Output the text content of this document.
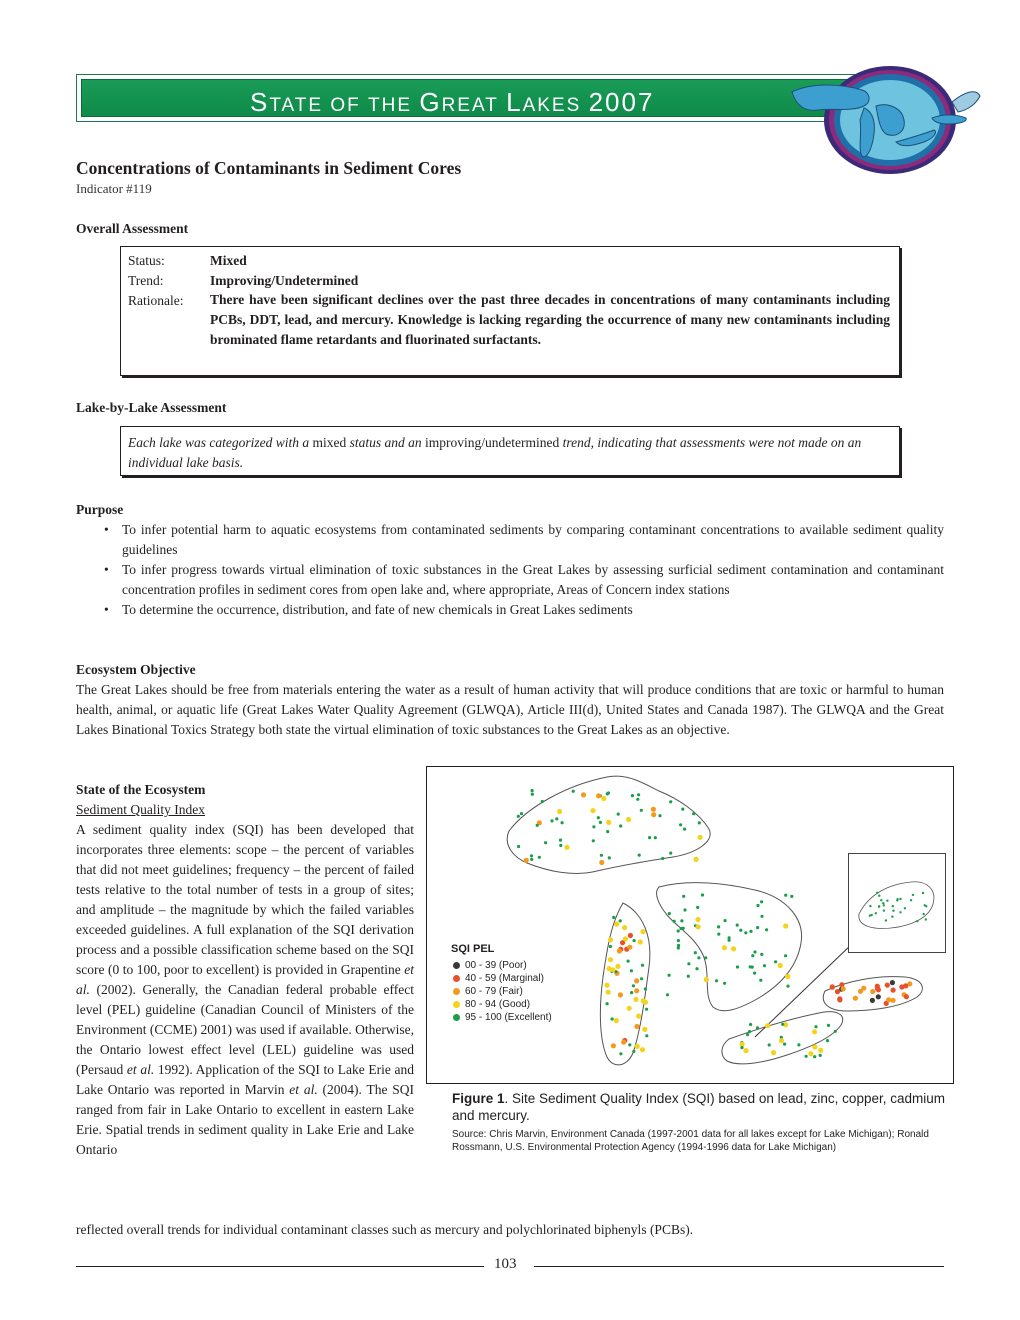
STATE OF THE GREAT LAKES 2007
Concentrations of Contaminants in Sediment Cores
Indicator #119
Overall Assessment
Status:	Mixed
Trend:	Improving/Undetermined
Rationale: There have been significant declines over the past three decades in concentrations of many contaminants including PCBs, DDT, lead, and mercury. Knowledge is lacking regarding the occurrence of many new contaminants including brominated flame retardants and fluorinated surfactants.
Lake-by-Lake Assessment
Each lake was categorized with a mixed status and an improving/undetermined trend, indicating that assessments were not made on an individual lake basis.

Purpose

• To infer potential harm to aquatic ecosystems from contaminated sediments by comparing contaminant concentrations to available sediment quality guidelines
• To infer progress towards virtual elimination of toxic substances in the Great Lakes by assessing surficial sediment contamination and contaminant concentration profiles in sediment cores from open lake and, where appropriate, Areas of Concern index stations
• To determine the occurrence, distribution, and fate of new chemicals in Great Lakes sediments

Ecosystem Objective

The Great Lakes should be free from materials entering the water as a result of human activity that will produce conditions that are toxic or harmful to human health, animal, or aquatic life (Great Lakes Water Quality Agreement (GLWQA), Article III(d), United States and Canada 1987). The GLWQA and the Great Lakes Binational Toxics Strategy both state the virtual elimination of toxic substances to the Great Lakes as an objective.

State of the Ecosystem

Sediment Quality Index

A sediment quality index (SQI) has been developed that incorporates three elements: scope – the percent of variables that did not meet guidelines; frequency – the percent of failed tests relative to the total number of tests in a group of sites; and amplitude – the magnitude by which the failed variables exceeded guidelines. A full explanation of the SQI derivation process and a possible classification scheme based on the SQI score (0 to 100, poor to excellent) is provided in Grapentine et al. (2002). Generally, the Canadian federal probable effect level (PEL) guideline (Canadian Council of Ministers of the Environment (CCME) 2001) was used if available. Otherwise, the Ontario lowest effect level (LEL) guideline was used (Persaud et al. 1992). Application of the SQI to Lake Erie and Lake Ontario was reported in Marvin et al. (2004). The SQI ranged from fair in Lake Ontario to excellent in eastern Lake Erie. Spatial trends in sediment quality in Lake Erie and Lake Ontario

reflected overall trends for individual contaminant classes such as mercury and polychlorinated biphenyls (PCBs).
SQI PEL
00 - 39 (Poor)
40 - 59 (Marginal)
60 - 79 (Fair)
80 - 94 (Good)
95 - 100 (Excellent)
Figure 1. Site Sediment Quality Index (SQI) based on lead, zinc, copper, cadmium and mercury.
Source: Chris Marvin, Environment Canada (1997-2001 data for all lakes except for Lake Michigan); Ronald Rossmann, U.S. Environmental Protection Agency (1994-1996 data for Lake Michigan)
103
